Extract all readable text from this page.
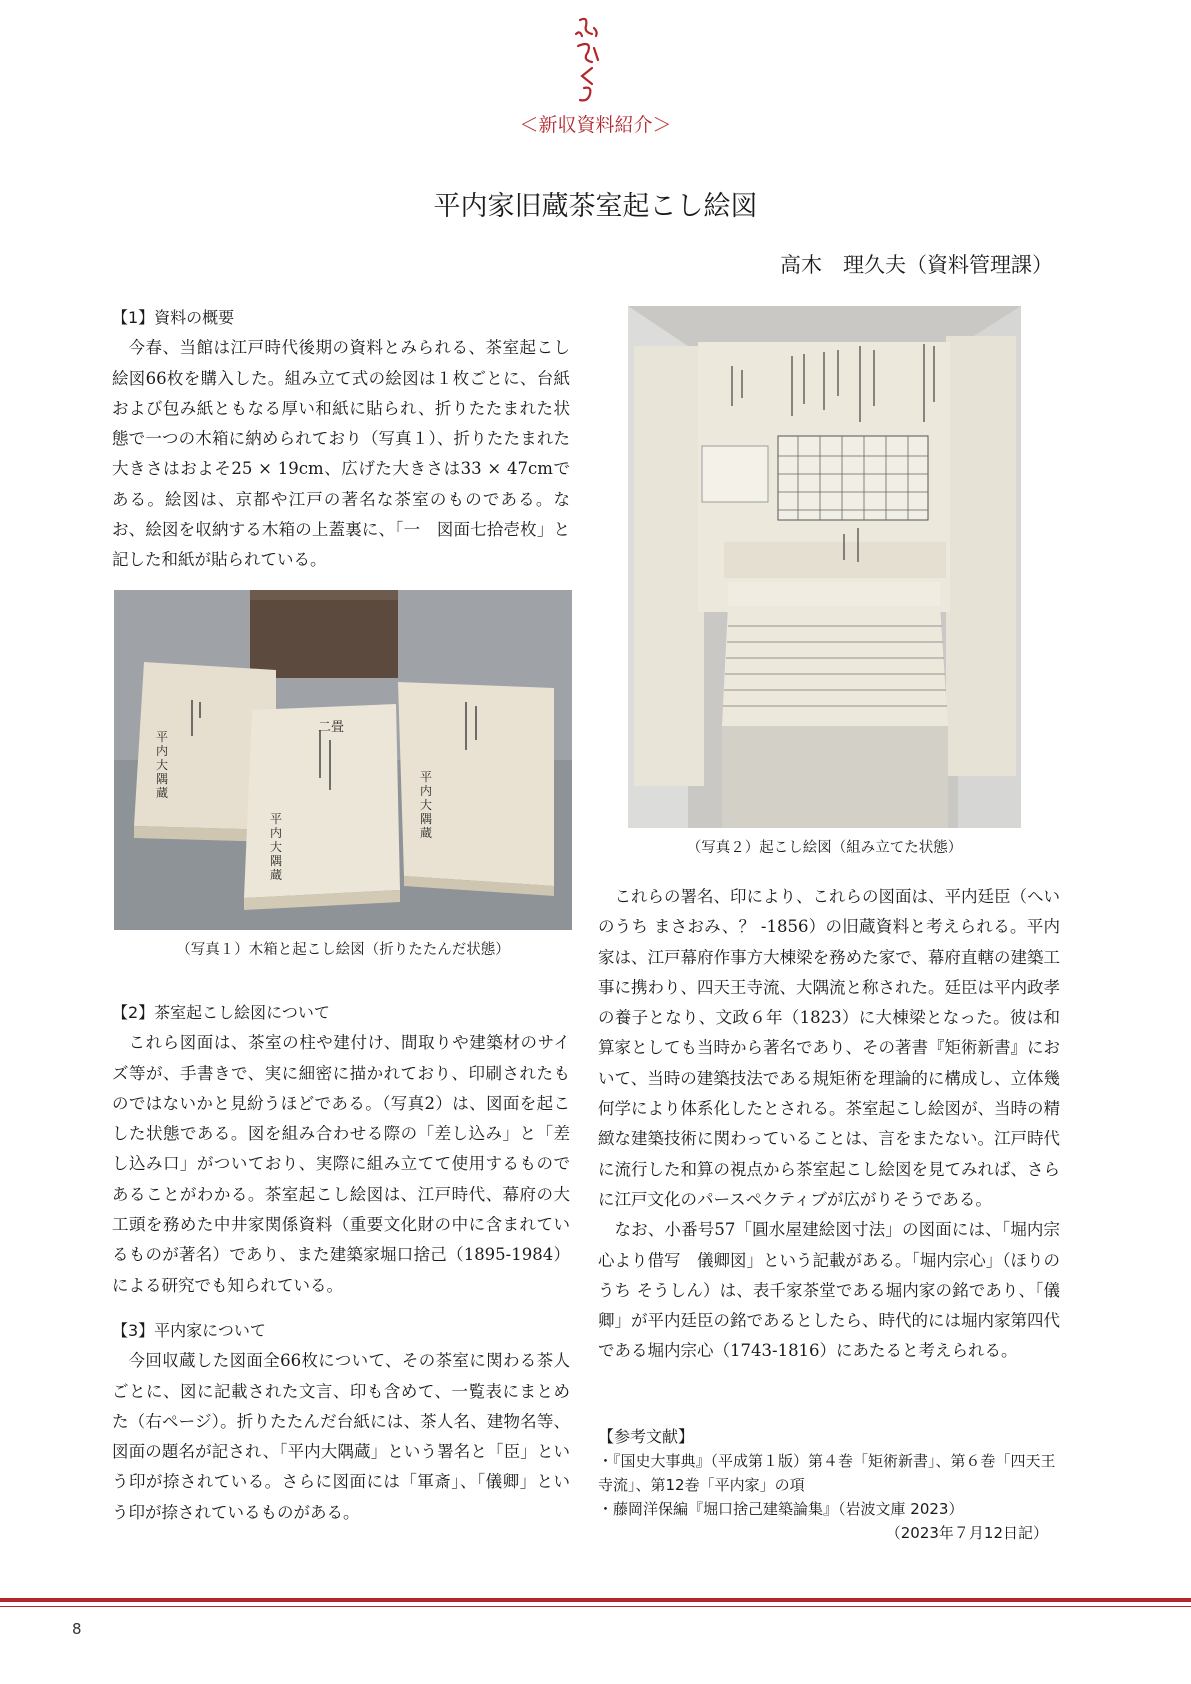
＜新収資料紹介＞
平内家旧蔵茶室起こし絵図
高木　理久夫（資料管理課）

【1】資料の概要

今春、当館は江戸時代後期の資料とみられる、茶室起こし絵図66枚を購入した。組み立て式の絵図は１枚ごとに、台紙および包み紙ともなる厚い和紙に貼られ、折りたたまれた状態で一つの木箱に納められており（写真１）、折りたたまれた大きさはおよそ25 × 19cm、広げた大きさは33 × 47cmである。絵図は、京都や江戸の著名な茶室のものである。なお、絵図を収納する木箱の上蓋裏に、「一　図面七拾壱枚」と記した和紙が貼られている。

平内大隅蔵
平内大隅蔵
平内大隅蔵
二畳
（写真１）木箱と起こし絵図（折りたたんだ状態）

【2】茶室起こし絵図について

これら図面は、茶室の柱や建付け、間取りや建築材のサイズ等が、手書きで、実に細密に描かれており、印刷されたものではないかと見紛うほどである。（写真2）は、図面を起こした状態である。図を組み合わせる際の「差し込み」と「差し込み口」がついており、実際に組み立てて使用するものであることがわかる。茶室起こし絵図は、江戸時代、幕府の大工頭を務めた中井家関係資料（重要文化財の中に含まれているものが著名）であり、また建築家堀口捨己（1895-1984）による研究でも知られている。

【3】平内家について

今回収蔵した図面全66枚について、その茶室に関わる茶人ごとに、図に記載された文言、印も含めて、一覧表にまとめた（右ページ）。折りたたんだ台紙には、茶人名、建物名等、図面の題名が記され、「平内大隅蔵」という署名と「臣」という印が捺されている。さらに図面には「軍斎」、「儀卿」という印が捺されているものがある。

（写真２）起こし絵図（組み立てた状態）

これらの署名、印により、これらの図面は、平内廷臣（へいのうち まさおみ、？ -1856）の旧蔵資料と考えられる。平内家は、江戸幕府作事方大棟梁を務めた家で、幕府直轄の建築工事に携わり、四天王寺流、大隅流と称された。廷臣は平内政孝の養子となり、文政６年（1823）に大棟梁となった。彼は和算家としても当時から著名であり、その著書『矩術新書』において、当時の建築技法である規矩術を理論的に構成し、立体幾何学により体系化したとされる。茶室起こし絵図が、当時の精緻な建築技術に関わっていることは、言をまたない。江戸時代に流行した和算の視点から茶室起こし絵図を見てみれば、さらに江戸文化のパースペクティブが広がりそうである。

なお、小番号57「圓水屋建絵図寸法」の図面には、「堀内宗心より借写　儀卿図」という記載がある。「堀内宗心」（ほりのうち そうしん）は、表千家茶堂である堀内家の銘であり、「儀卿」が平内廷臣の銘であるとしたら、時代的には堀内家第四代である堀内宗心（1743-1816）にあたると考えられる。

【参考文献】

・『国史大事典』（平成第１版）第４巻「矩術新書」、第６巻「四天王寺流」、第12巻「平内家」の項

・藤岡洋保編『堀口捨己建築論集』（岩波文庫 2023）

（2023年７月12日記）

8
